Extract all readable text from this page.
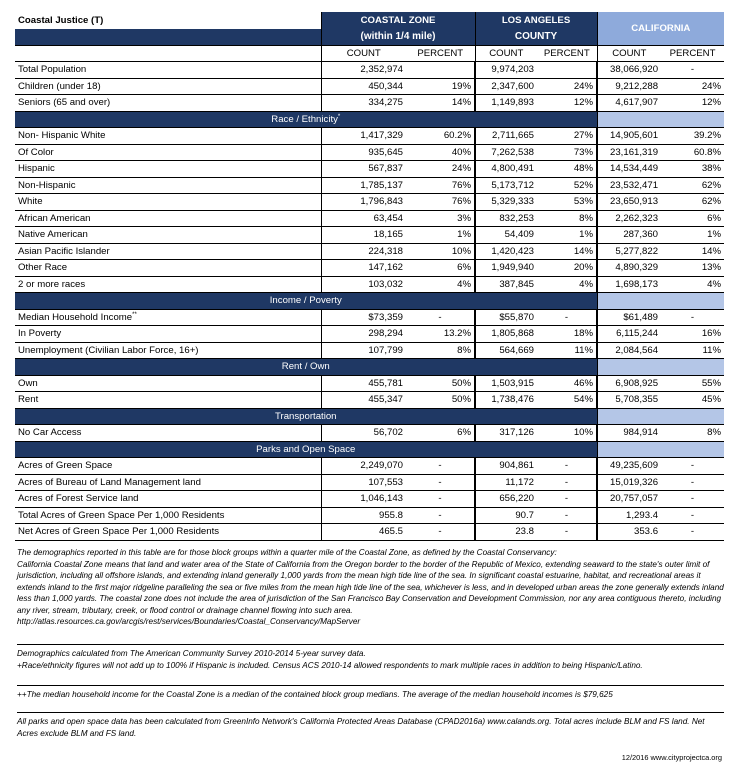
Coastal Justice (T)	COASTAL ZONE		LOS ANGELES		CALIFORNIA	
	(within 1/4 mile)		COUNTY			
	COUNT	PERCENT	COUNT	PERCENT	COUNT	PERCENT
Total Population	2,352,974		9,974,203		38,066,920	-
Children (under 18)	450,344	19%	2,347,600	24%	9,212,288	24%
Seniors (65 and over)	334,275	14%	1,149,893	12%	4,617,907	12%
Race / Ethnicity*	
Non- Hispanic White	1,417,329	60.2%	2,711,665	27%	14,905,601	39.2%
Of Color	935,645	40%	7,262,538	73%	23,161,319	60.8%
Hispanic	567,837	24%	4,800,491	48%	14,534,449	38%
Non-Hispanic	1,785,137	76%	5,173,712	52%	23,532,471	62%
White	1,796,843	76%	5,329,333	53%	23,650,913	62%
African American	63,454	3%	832,253	8%	2,262,323	6%
Native American	18,165	1%	54,409	1%	287,360	1%
Asian Pacific Islander	224,318	10%	1,420,423	14%	5,277,822	14%
Other Race	147,162	6%	1,949,940	20%	4,890,329	13%
2 or more races	103,032	4%	387,845	4%	1,698,173	4%
Income / Poverty						
Median Household Income**	$73,359	-	$55,870	-	$61,489	-
In Poverty	298,294	13.2%	1,805,868	18%	6,115,244	16%
Unemployment (Civilian Labor Force, 16+)	107,799	8%	564,669	11%	2,084,564	11%
Rent / Own						
Own	455,781	50%	1,503,915	46%	6,908,925	55%
Rent	455,347	50%	1,738,476	54%	5,708,355	45%
Transportation						
No Car Access	56,702	6%	317,126	10%	984,914	8%
Parks and Open Space						
Acres of Green Space	2,249,070	-	904,861	-	49,235,609	-
Acres of Bureau of Land Management land	107,553	-	11,172	-	15,019,326	-
Acres of Forest Service land	1,046,143	-	656,220	-	20,757,057	-
Total Acres of Green Space Per 1,000 Residents	955.8	-	90.7	-	1,293.4	-
Net Acres of Green Space Per 1,000 Residents	465.5	-	23.8	-	353.6	-
The demographics reported in this table are for those block groups within a quarter mile of the Coastal Zone, as defined by the Coastal Conservancy:
California Coastal Zone means that land and water area of the State of California from the Oregon border to the border of the Republic of Mexico, extending seaward to the state's outer limit of jurisdiction, including all offshore islands, and extending inland generally 1,000 yards from the mean high tide line of the sea. In significant coastal estuarine, habitat, and recreational areas it extends inland to the first major ridgeline paralleling the sea or five miles from the mean high tide line of the sea, whichever is less, and in developed urban areas the zone generally extends inland less than 1,000 yards. The coastal zone does not include the area of jurisdiction of the San Francisco Bay Conservation and Development Commission, nor any area contiguous thereto, including any river, stream, tributary, creek, or flood control or drainage channel flowing into such area.
http://atlas.resources.ca.gov/arcgis/rest/services/Boundaries/Coastal_Conservancy/MapServer
Demographics calculated from The American Community Survey 2010-2014 5-year survey data.
+Race/ethnicity figures will not add up to 100% if Hispanic is included. Census ACS 2010-14 allowed respondents to mark multiple races in addition to being Hispanic/Latino.
++The median household income for the Coastal Zone is a median of the contained block group medians. The average of the median household incomes is $79,625
All parks and open space data has been calculated from GreenInfo Network's California Protected Areas Database (CPAD2016a) www.calands.org. Total acres include BLM and FS land. Net Acres exclude BLM and FS land.
12/2016 www.cityprojectca.org
